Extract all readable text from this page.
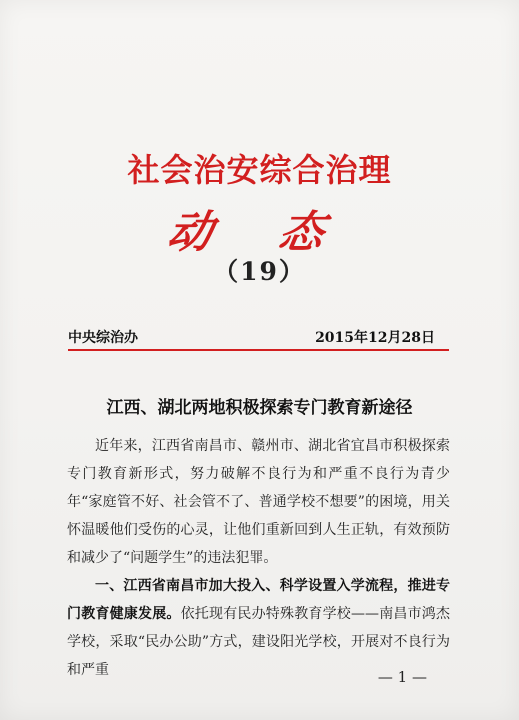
社会治安综合治理
动 态
（19）
中央综治办	2015年12月28日
江西、湖北两地积极探索专门教育新途径

近年来，江西省南昌市、赣州市、湖北省宜昌市积极探索专门教育新形式，努力破解不良行为和严重不良行为青少年“家庭管不好、社会管不了、普通学校不想要”的困境，用关怀温暖他们受伤的心灵，让他们重新回到人生正轨，有效预防和减少了“问题学生”的违法犯罪。

一、江西省南昌市加大投入、科学设置入学流程，推进专门教育健康发展。依托现有民办特殊教育学校——南昌市鸿杰学校，采取“民办公助”方式，建设阳光学校，开展对不良行为和严重	— 1 —
